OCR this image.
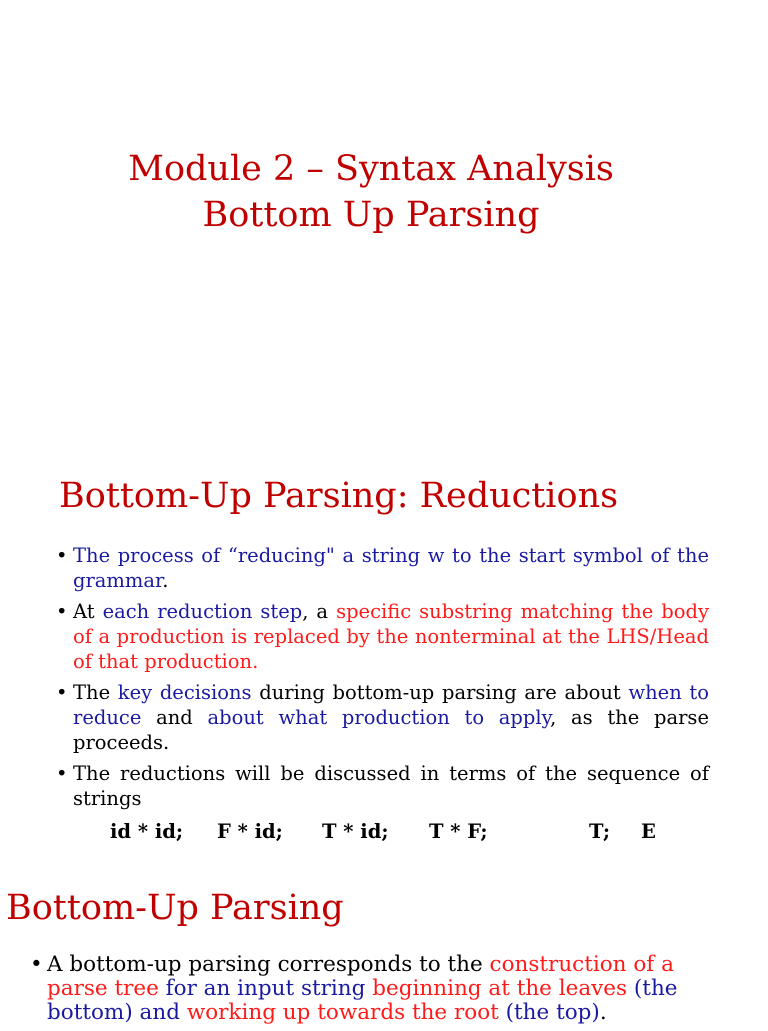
Module 2 – Syntax Analysis
Bottom Up Parsing
Bottom-Up Parsing: Reductions
• The process of “reducing" a string w to the start symbol of the grammar.
• At each reduction step, a specific substring matching the body of a production is replaced by the nonterminal at the LHS/Head of that production.
• The key decisions during bottom-up parsing are about when to reduce and about what production to apply, as the parse proceeds.
• The reductions will be discussed in terms of the sequence of strings
id * id; F * id; T * id; T * F;	T; E
Bottom-Up Parsing
• A bottom-up parsing corresponds to the construction of a parse tree for an input string beginning at the leaves (the bottom) and working up towards the root (the top).
